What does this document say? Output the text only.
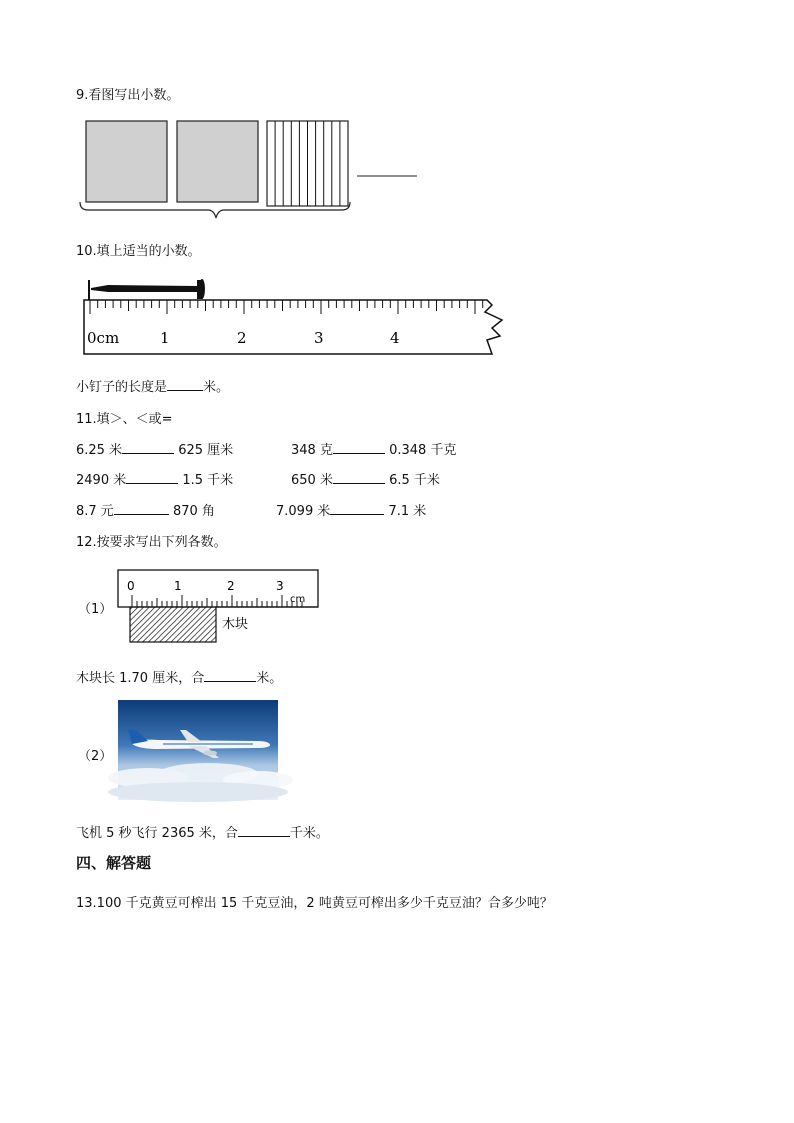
9.看图写出小数。
10.填上适当的小数。
0cm	1	2	3	4
小钉子的长度是	米。
11.填＞、＜或=
6.25 米	625 厘米	348 克	0.348 千克
2490 米	1.5 千米	650 米	6.5 千米
8.7 元	870 角	7.099 米	7.1 米
12.按要求写出下列各数。
（1）
0	1	2	3
cm
木块
木块长 1.70 厘米，合	米。
（2）
飞机 5 秒飞行 2365 米，合	千米。
四、解答题
13.100 千克黄豆可榨出 15 千克豆油，2 吨黄豆可榨出多少千克豆油？合多少吨？
